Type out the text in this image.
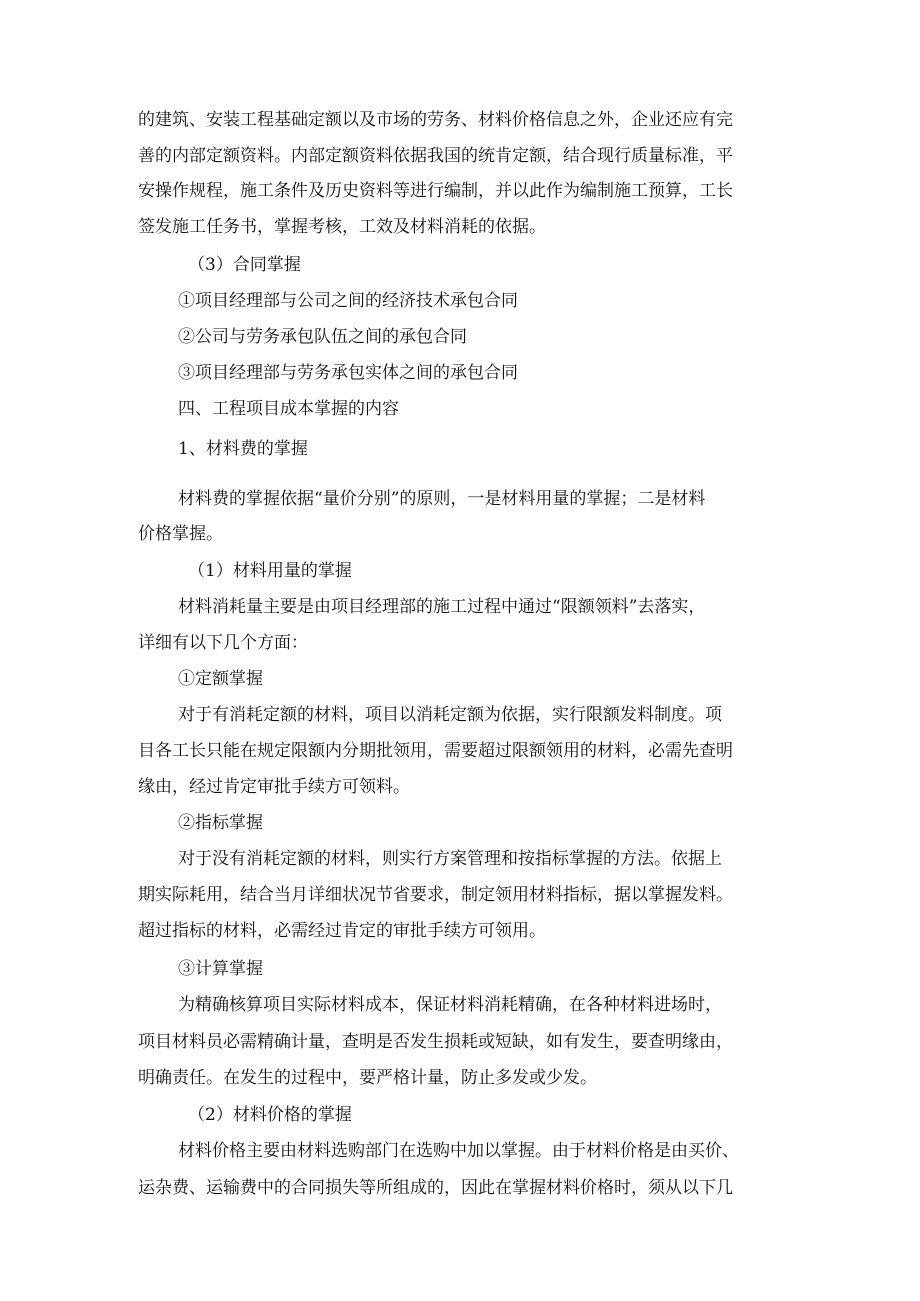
的建筑、安装工程基础定额以及市场的劳务、材料价格信息之外，企业还应有完
善的内部定额资料。内部定额资料依据我国的统肯定额，结合现行质量标准，平
安操作规程，施工条件及历史资料等进行编制，并以此作为编制施工预算，工长
签发施工任务书，掌握考核，工效及材料消耗的依据。
（3）合同掌握
①项目经理部与公司之间的经济技术承包合同
②公司与劳务承包队伍之间的承包合同
③项目经理部与劳务承包实体之间的承包合同
四、工程项目成本掌握的内容
1、材料费的掌握
材料费的掌握依据“量价分别”的原则，一是材料用量的掌握；二是材料
价格掌握。
（1）材料用量的掌握
材料消耗量主要是由项目经理部的施工过程中通过“限额领料”去落实，
详细有以下几个方面：
①定额掌握
对于有消耗定额的材料，项目以消耗定额为依据，实行限额发料制度。项
目各工长只能在规定限额内分期批领用，需要超过限额领用的材料，必需先查明
缘由，经过肯定审批手续方可领料。
②指标掌握
对于没有消耗定额的材料，则实行方案管理和按指标掌握的方法。依据上
期实际耗用，结合当月详细状况节省要求，制定领用材料指标，据以掌握发料。
超过指标的材料，必需经过肯定的审批手续方可领用。
③计算掌握
为精确核算项目实际材料成本，保证材料消耗精确，在各种材料进场时，
项目材料员必需精确计量，查明是否发生损耗或短缺，如有发生，要查明缘由，
明确责任。在发生的过程中，要严格计量，防止多发或少发。
（2）材料价格的掌握
材料价格主要由材料选购部门在选购中加以掌握。由于材料价格是由买价、
运杂费、运输费中的合同损失等所组成的，因此在掌握材料价格时，须从以下几
